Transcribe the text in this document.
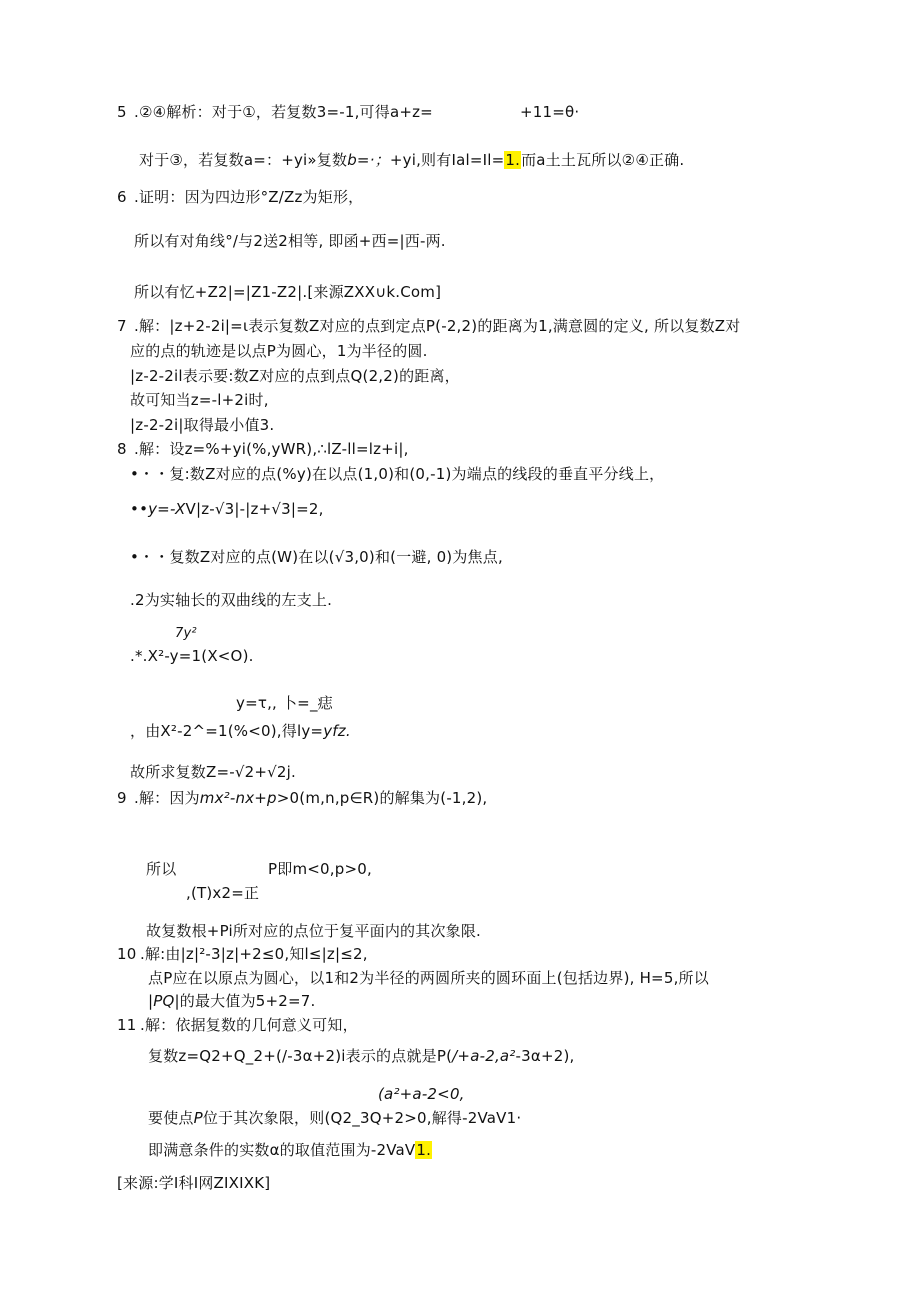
5 .②④解析：对于①，若复数3=-1,可得a+z=	+11=θ·
对于③，若复数a=：+yi»复数b=·；+yi,则有Ial=Il=1.而a土土瓦所以②④正确.
6 .证明：因为四边形°Z/Zz为矩形，
所以有对角线°/与2送2相等, 即函+西=|西-两.
所以有忆+Z2|=|Z1-Z2|.[来源ZXX∪k.Com]
7 .解：|z+2-2i|=ι表示复数Z对应的点到定点P(-2,2)的距离为1,满意圆的定义, 所以复数Z对
应的点的轨迹是以点P为圆心，1为半径的圆.
|z-2-2il表示要:数Z对应的点到点Q(2,2)的距离，
故可知当z=-l+2i时,
|z-2-2i|取得最小值3.
8 .解：设z=%+yi(%,yWR),∴lZ-ll=lz+i|,
•・・复:数Z对应的点(%y)在以点(1,0)和(0,-1)为端点的线段的垂直平分线上，
••y=-XV|z-√3|-|z+√3|=2,
•・・复数Z对应的点(W)在以(√3,0)和(一避, 0)为焦点,
.2为实轴长的双曲线的左支上.
7y²
.*.X²-y=1(X<O).
y=τ,, 卜=_痣
，由X²-2^=1(%<0),得ly=yfz.
故所求复数Z=-√2+√2j.
9 .解：因为mx²-nx+p>0(m,n,p∈R)的解集为(-1,2),
所以	P即m<0,p>0,
,(T)x2=正
故复数根+Pi所对应的点位于复平面内的其次象限.
10 .解:由|z|²-3|z|+2≤0,知l≤|z|≤2,
点P应在以原点为圆心，以1和2为半径的两圆所夹的圆环面上(包括边界), H=5,所以
|PQ|的最大值为5+2=7.
11 .解：依据复数的几何意义可知，
复数z=Q2+Q_2+(/-3α+2)i表示的点就是P(/+a-2,a²-3α+2),
(a²+a-2<0,
要使点P位于其次象限，则(Q2_3Q+2>0,解得-2VaV1·
即满意条件的实数α的取值范围为-2VaV1.
[来源:学I科I网ZIXIXK]
